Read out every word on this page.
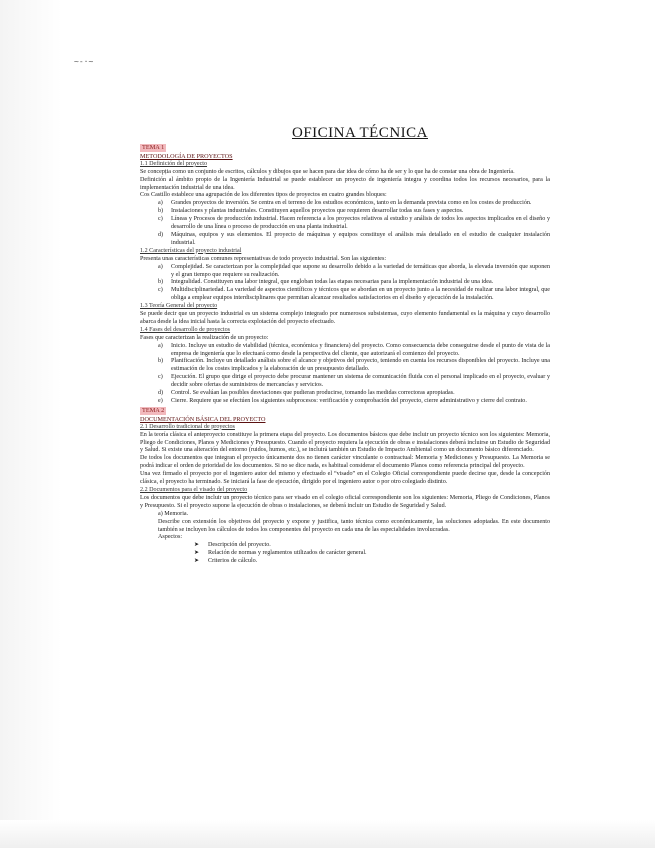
~-·~
OFICINA TÉCNICA
TEMA 1
METODOLOGÍA DE PROYECTOS
1.1 Definición del proyecto

Se concepția como un conjunto de escritos, cálculos y dibujos que se hacen para dar idea de cómo ha de ser y lo que ha de constar una obra de Ingeniería.

Definición al ámbito propio de la Ingeniería Industrial se puede establecer un proyecto de ingeniería integra y coordina todos los recursos necesarios, para la implementación industrial de una idea.

Cos Castillo establece una agrupación de los diferentes tipos de proyectos en cuatro grandes bloques:

a) Grandes proyectos de inversión. Se centra en el terreno de los estudios económicos, tanto en la demanda prevista como en los costes de producción.
b) Instalaciones y plantas industriales. Constituyen aquellos proyectos que requieren desarrollar todas sus fases y aspectos.
c) Líneas y Procesos de producción industrial. Hacen referencia a los proyectos relativos al estudio y análisis de todos los aspectos implicados en el diseño y desarrollo de una línea o proceso de producción en una planta industrial.
d) Máquinas, equipos y sus elementos. El proyecto de máquinas y equipos constituye el análisis más detallado en el estudio de cualquier instalación industrial.
1.2 Características del proyecto industrial

Presenta unas características comunes representativas de todo proyecto industrial. Son las siguientes:

a) Complejidad. Se caracterizan por la complejidad que supone su desarrollo debido a la variedad de temáticas que aborda, la elevada inversión que suponen y el gran tiempo que requiere su realización.
b) Integralidad. Constituyen una labor integral, que engloban todas las etapas necesarias para la implementación industrial de una idea.
c) Multidisciplinariedad. La variedad de aspectos científicos y técnicos que se abordan en un proyecto junto a la necesidad de realizar una labor integral, que obliga a emplear equipos interdisciplinares que permitan alcanzar resultados satisfactorios en el diseño y ejecución de la instalación.
1.3 Teoría General del proyecto

Se puede decir que un proyecto industrial es un sistema complejo integrado por numerosos subsistemas, cuyo elemento fundamental es la máquina y cuyo desarrollo abarca desde la idea inicial hasta la correcta explotación del proyecto efectuado.

1.4 Fases del desarrollo de proyectos

Fases que caracterizan la realización de un proyecto:

a) Inicio. Incluye un estudio de viabilidad (técnica, económica y financiera) del proyecto. Como consecuencia debe conseguirse desde el punto de vista de la empresa de ingeniería que lo efectuará como desde la perspectiva del cliente, que autorizará el comienzo del proyecto.
b) Planificación. Incluye un detallado análisis sobre el alcance y objetivos del proyecto, teniendo en cuenta los recursos disponibles del proyecto. Incluye una estimación de los costes implicados y la elaboración de un presupuesto detallado.
c) Ejecución. El grupo que dirige el proyecto debe procurar mantener un sistema de comunicación fluida con el personal implicado en el proyecto, evaluar y decidir sobre ofertas de suministros de mercancías y servicios.
d) Control. Se evalúan las posibles desviaciones que pudieran producirse, tomando las medidas correctoras apropiadas.
e) Cierre. Requiere que se efectúen los siguientes subprocesos: verificación y comprobación del proyecto, cierre administrativo y cierre del contrato.
TEMA 2
DOCUMENTACIÓN BÁSICA DEL PROYECTO
2.1 Desarrollo tradicional de proyectos

En la teoría clásica el anteproyecto constituye la primera etapa del proyecto. Los documentos básicos que debe incluir un proyecto técnico son los siguientes: Memoria, Pliego de Condiciones, Planos y Mediciones y Presupuesto. Cuando el proyecto requiera la ejecución de obras e instalaciones deberá incluirse un Estudio de Seguridad y Salud. Si existe una alteración del entorno (ruidos, humos, etc.), se incluirá también un Estudio de Impacto Ambiental como un documento básico diferenciado.

De todos los documentos que integran el proyecto únicamente dos no tienen carácter vinculante o contractual: Memoria y Mediciones y Presupuesto. La Memoria se podrá indicar el orden de prioridad de los documentos. Si no se dice nada, es habitual considerar el documento Planos como referencia principal del proyecto.

Una vez firmado el proyecto por el ingeniero autor del mismo y efectuado el “visado” en el Colegio Oficial correspondiente puede decirse que, desde la concepción clásica, el proyecto ha terminado. Se iniciará la fase de ejecución, dirigido por el ingeniero autor o por otro colegiado distinto.

2.2 Documentos para el visado del proyecto

Los documentos que debe incluir un proyecto técnico para ser visado en el colegio oficial correspondiente son los siguientes: Memoria, Pliego de Condiciones, Planos y Presupuesto. Si el proyecto supone la ejecución de obras o instalaciones, se deberá incluir un Estudio de Seguridad y Salud.

a) Memoria.

Describe con extensión los objetivos del proyecto y expone y justifica, tanto técnica como económicamente, las soluciones adoptadas. En este documento también se incluyen los cálculos de todos los componentes del proyecto en cada una de las especialidades involucradas.

Aspectos:
➤ Descripción del proyecto.
➤ Relación de normas y reglamentos utilizados de carácter general.
➤ Criterios de cálculo.
